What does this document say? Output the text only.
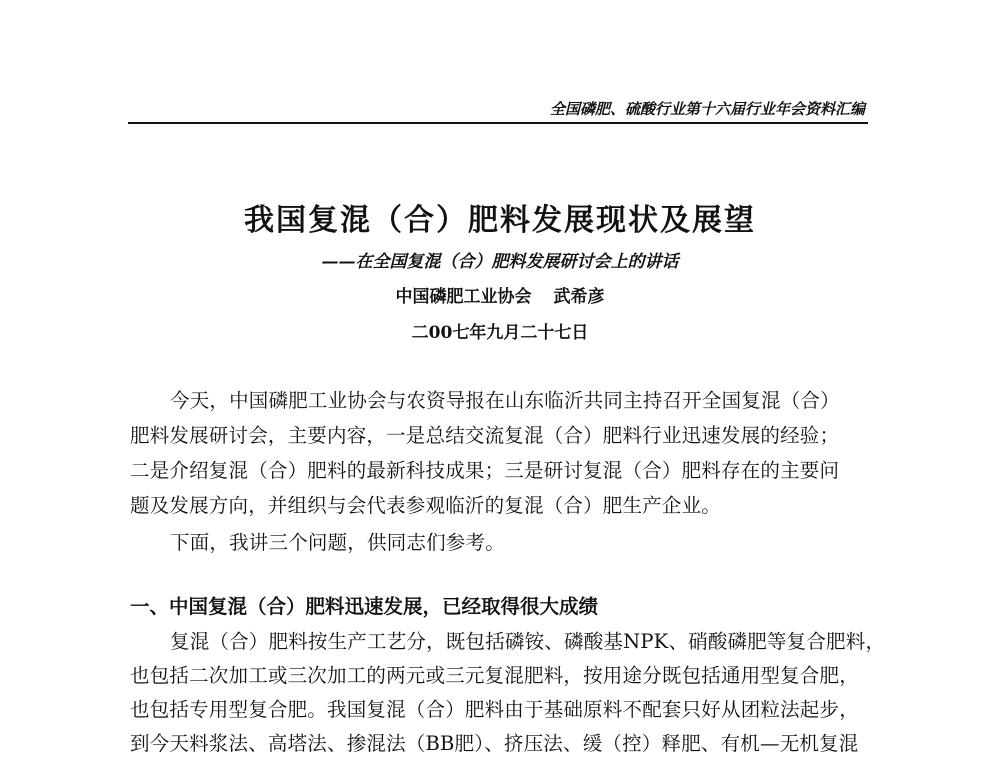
全国磷肥、硫酸行业第十六届行业年会资料汇编
我国复混（合）肥料发展现状及展望
——在全国复混（合）肥料发展研讨会上的讲话
中国磷肥工业协会 武希彦
二00七年九月二十七日
今天，中国磷肥工业协会与农资导报在山东临沂共同主持召开全国复混（合）
肥料发展研讨会，主要内容，一是总结交流复混（合）肥料行业迅速发展的经验；
二是介绍复混（合）肥料的最新科技成果；三是研讨复混（合）肥料存在的主要问
题及发展方向，并组织与会代表参观临沂的复混（合）肥生产企业。
下面，我讲三个问题，供同志们参考。
一、中国复混（合）肥料迅速发展，已经取得很大成绩
复混（合）肥料按生产工艺分，既包括磷铵、磷酸基NPK、硝酸磷肥等复合肥料，
也包括二次加工或三次加工的两元或三元复混肥料，按用途分既包括通用型复合肥，
也包括专用型复合肥。我国复混（合）肥料由于基础原料不配套只好从团粒法起步，
到今天料浆法、高塔法、掺混法（BB肥）、挤压法、缓（控）释肥、有机—无机复混
